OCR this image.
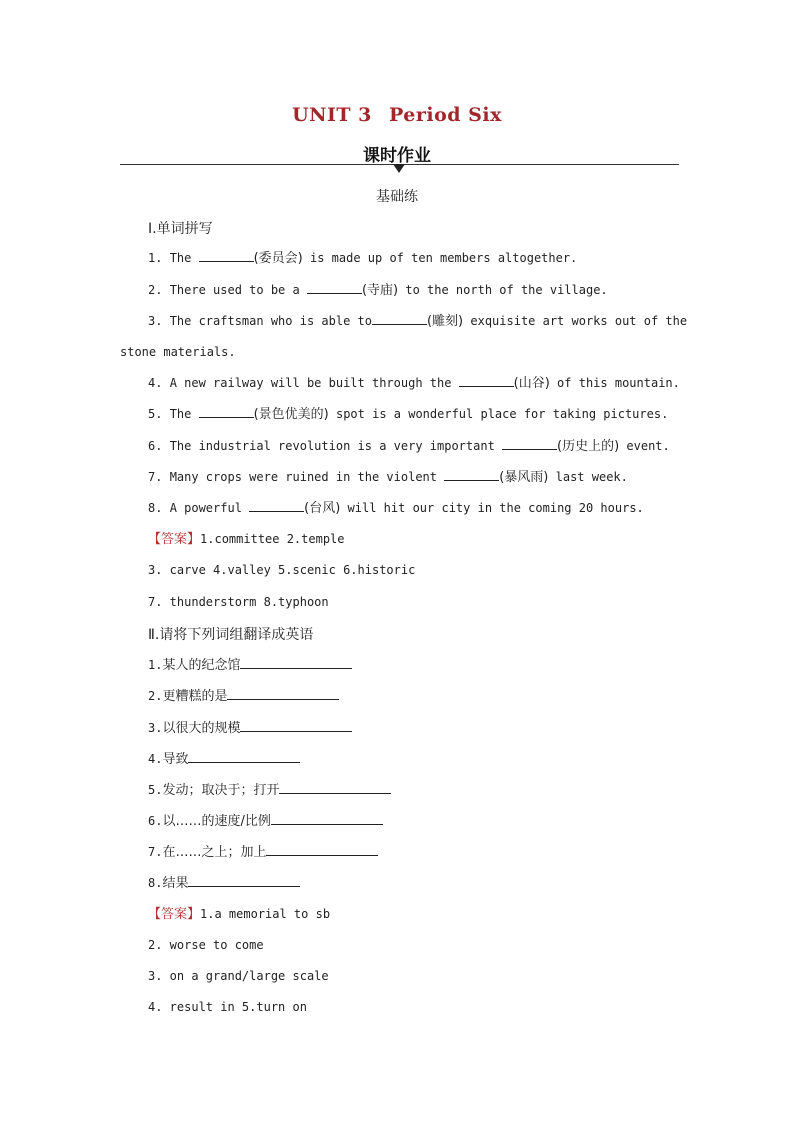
UNIT 3 Period Six
课时作业
基础练
Ⅰ.单词拼写
1. The	(委员会) is made up of ten members altogether.
2. There used to be a	(寺庙) to the north of the village.
3. The craftsman who is able to	(雕刻) exquisite art works out of the
stone materials.
4. A new railway will be built through the	(山谷) of this mountain.
5. The	(景色优美的) spot is a wonderful place for taking pictures.
6. The industrial revolution is a very important	(历史上的) event.
7. Many crops were ruined in the violent	(暴风雨) last week.
8. A powerful	(台风) will hit our city in the coming 20 hours.
【答案】1.committee 2.temple
3. carve 4.valley 5.scenic 6.historic
7. thunderstorm 8.typhoon
Ⅱ.请将下列词组翻译成英语
1.某人的纪念馆
2.更糟糕的是
3.以很大的规模
4.导致
5.发动；取决于；打开
6.以……的速度/比例
7.在……之上；加上
8.结果
【答案】1.a memorial to sb
2. worse to come
3. on a grand/large scale
4. result in 5.turn on
